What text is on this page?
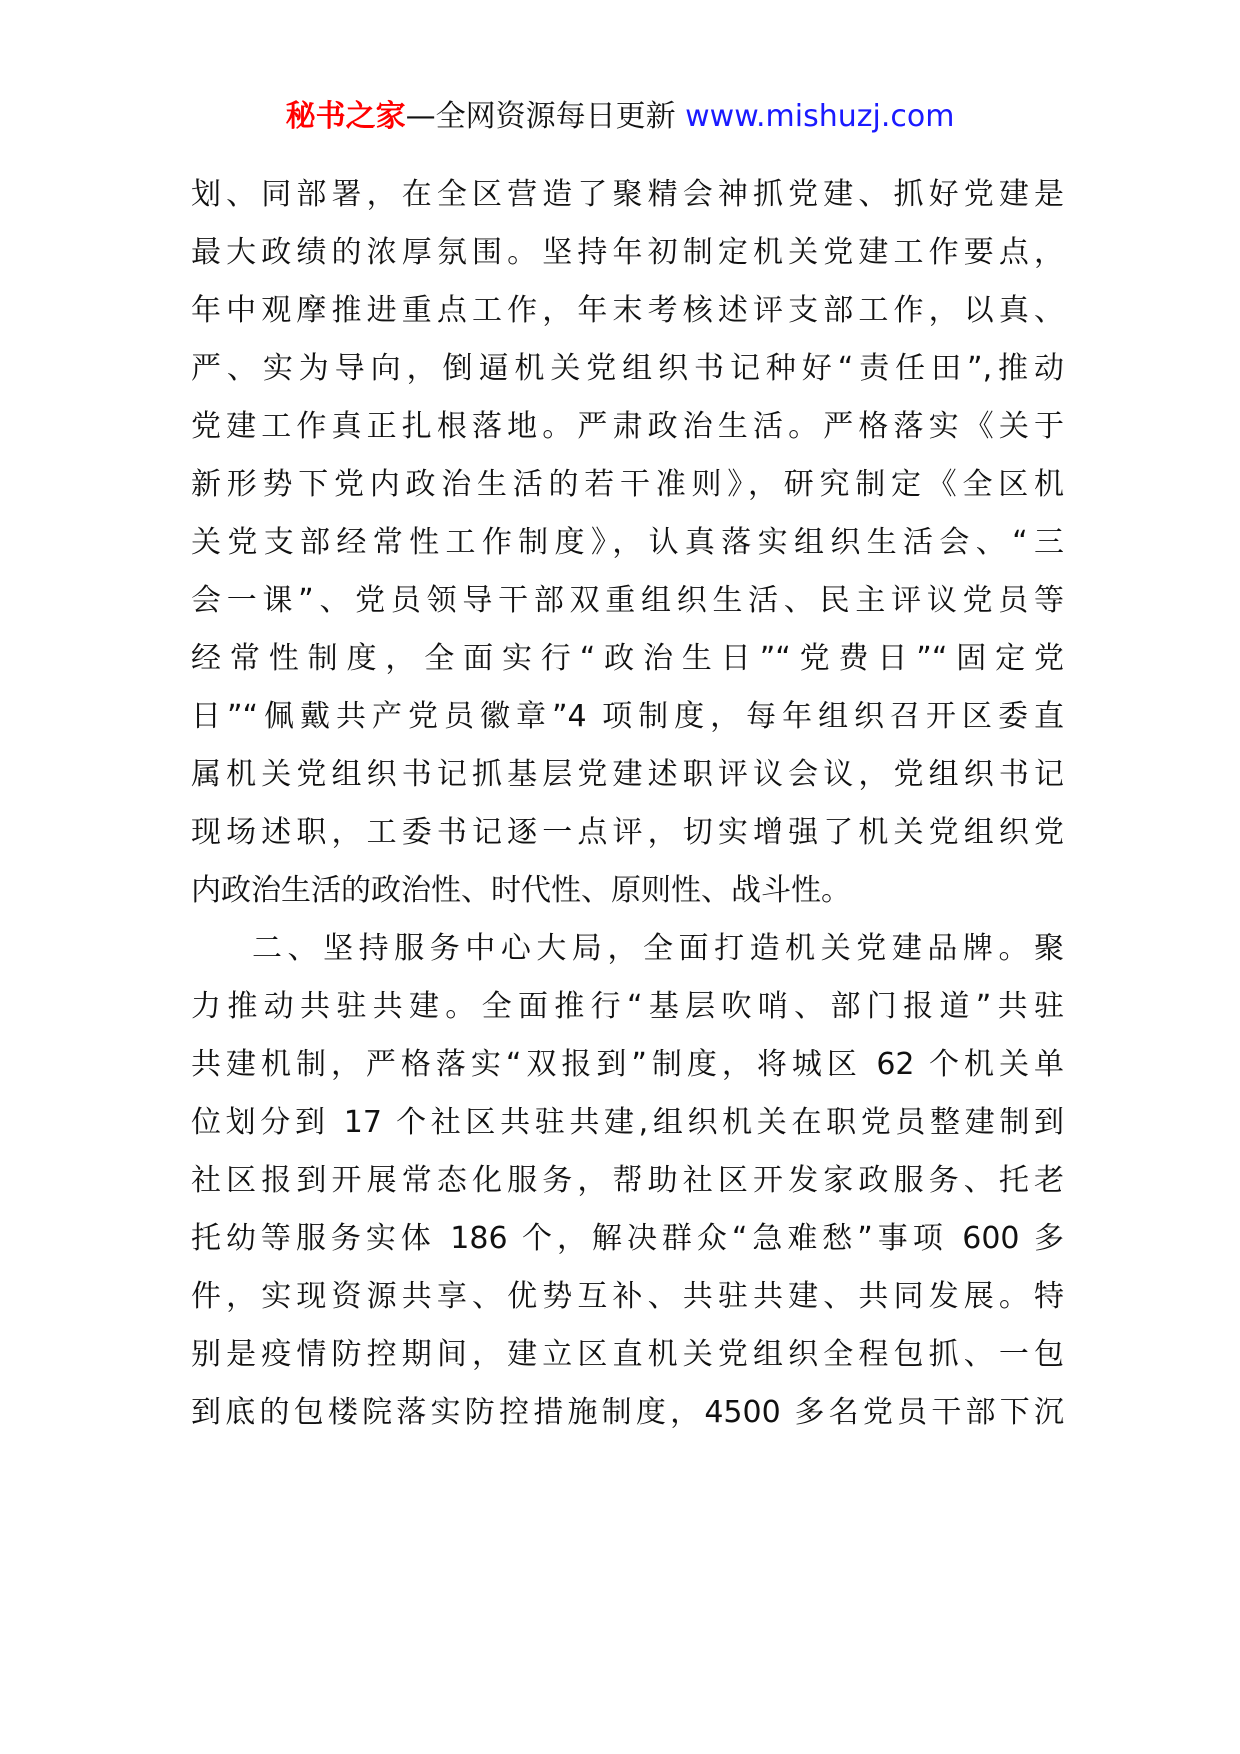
秘书之家—全网资源每日更新 www.mishuzj.com
划、同部署，在全区营造了聚精会神抓党建、抓好党建是
最大政绩的浓厚氛围。坚持年初制定机关党建工作要点，
年中观摩推进重点工作，年末考核述评支部工作，以真、
严、实为导向，倒逼机关党组织书记种好“责任田”,推动
党建工作真正扎根落地。严肃政治生活。严格落实《关于
新形势下党内政治生活的若干准则》，研究制定《全区机
关党支部经常性工作制度》，认真落实组织生活会、“三
会一课”、党员领导干部双重组织生活、民主评议党员等
经常性制度，全面实行“政治生日”“党费日”“固定党
日”“佩戴共产党员徽章”4 项制度，每年组织召开区委直
属机关党组织书记抓基层党建述职评议会议，党组织书记
现场述职，工委书记逐一点评，切实增强了机关党组织党
内政治生活的政治性、时代性、原则性、战斗性。
二、坚持服务中心大局，全面打造机关党建品牌。聚
力推动共驻共建。全面推行“基层吹哨、部门报道”共驻
共建机制，严格落实“双报到”制度，将城区 62 个机关单
位划分到 17 个社区共驻共建,组织机关在职党员整建制到
社区报到开展常态化服务，帮助社区开发家政服务、托老
托幼等服务实体 186 个，解决群众“急难愁”事项 600 多
件，实现资源共享、优势互补、共驻共建、共同发展。特
别是疫情防控期间，建立区直机关党组织全程包抓、一包
到底的包楼院落实防控措施制度，4500 多名党员干部下沉
